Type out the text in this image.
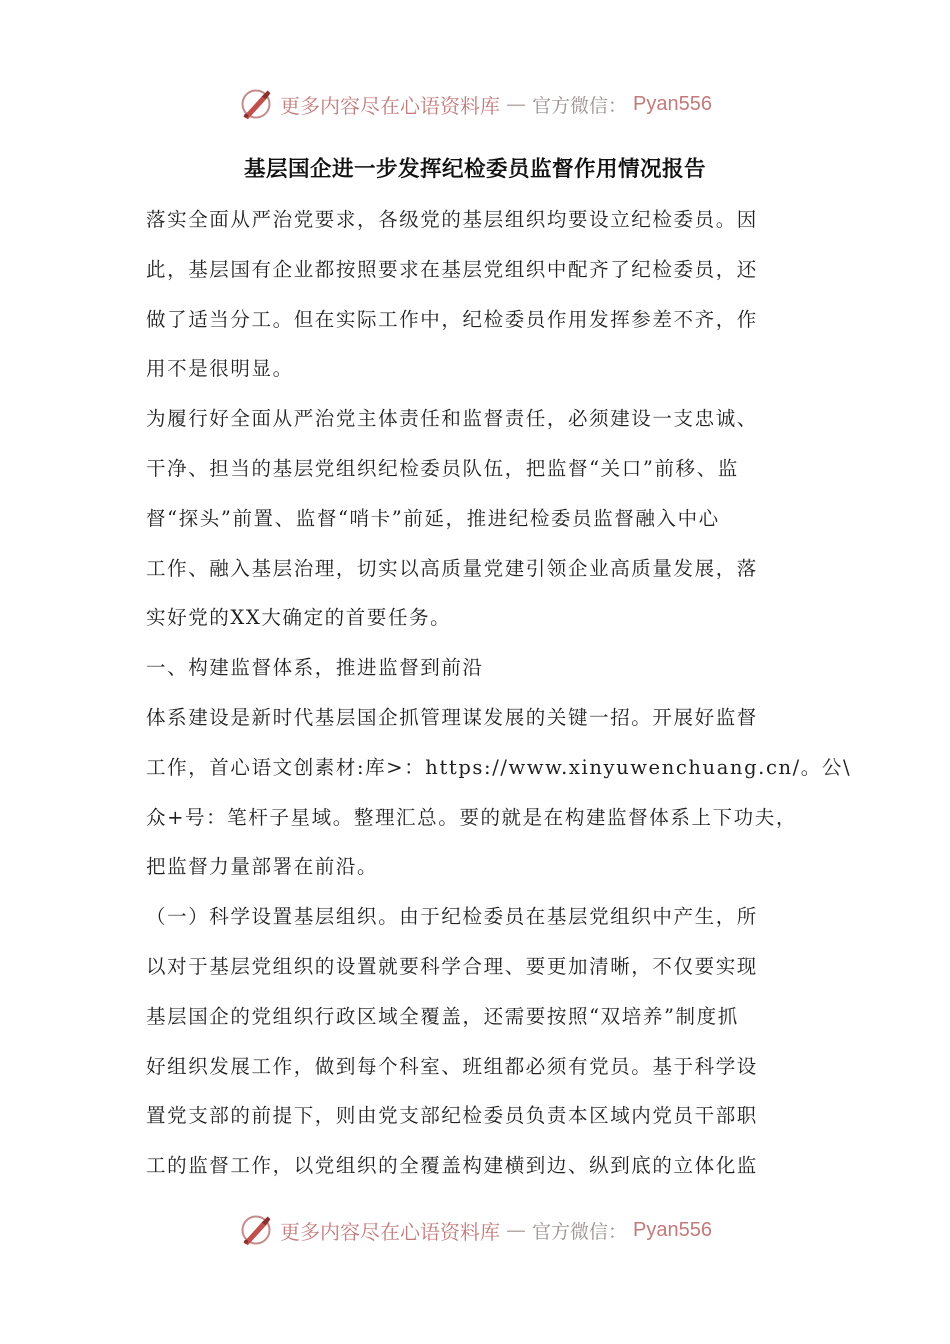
更多内容尽在心语资料库 — 官方微信： Pyan556
基层国企进一步发挥纪检委员监督作用情况报告
落实全面从严治党要求，各级党的基层组织均要设立纪检委员。因
此，基层国有企业都按照要求在基层党组织中配齐了纪检委员，还
做了适当分工。但在实际工作中，纪检委员作用发挥参差不齐，作
用不是很明显。
为履行好全面从严治党主体责任和监督责任，必须建设一支忠诚、
干净、担当的基层党组织纪检委员队伍，把监督“关口”前移、监
督“探头”前置、监督“哨卡”前延，推进纪检委员监督融入中心
工作、融入基层治理，切实以高质量党建引领企业高质量发展，落
实好党的XX大确定的首要任务。
一、构建监督体系，推进监督到前沿
体系建设是新时代基层国企抓管理谋发展的关键一招。开展好监督
工作，首心语文创素材:库>：https://www.xinyuwenchuang.cn/。公\
众+号：笔杆子星域。整理汇总。要的就是在构建监督体系上下功夫，
把监督力量部署在前沿。
（一）科学设置基层组织。由于纪检委员在基层党组织中产生，所
以对于基层党组织的设置就要科学合理、要更加清晰，不仅要实现
基层国企的党组织行政区域全覆盖，还需要按照“双培养”制度抓
好组织发展工作，做到每个科室、班组都必须有党员。基于科学设
置党支部的前提下，则由党支部纪检委员负责本区域内党员干部职
工的监督工作，以党组织的全覆盖构建横到边、纵到底的立体化监
更多内容尽在心语资料库 — 官方微信： Pyan556
